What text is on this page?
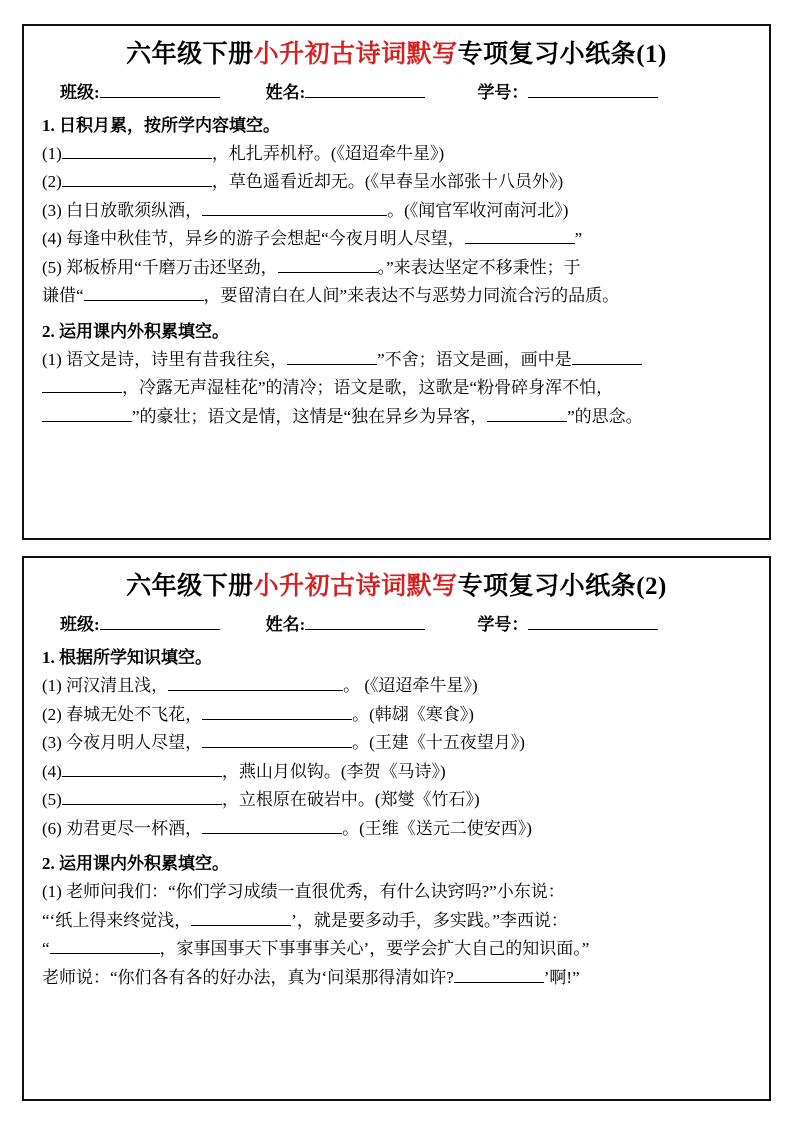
六年级下册小升初古诗词默写专项复习小纸条(1)
班级:
	姓名:
	学号：
1. 日积月累，按所学内容填空。
(1)	，札扎弄机杼。(《迢迢牵牛星》)
(2)	，草色遥看近却无。(《早春呈水部张十八员外》)
(3) 白日放歌须纵酒，	。(《闻官军收河南河北》)
(4) 每逢中秋佳节，异乡的游子会想起“今夜月明人尽望，	”
(5) 郑板桥用“千磨万击还坚劲，	。”来表达坚定不移秉性；于
谦借“	，要留清白在人间”来表达不与恶势力同流合污的品质。
2. 运用课内外积累填空。
(1) 语文是诗，诗里有昔我往矣，	”不舍；语文是画，画中是
，冷露无声湿桂花”的清冷；语文是歌，这歌是“粉骨碎身浑不怕，
”的豪壮；语文是情，这情是“独在异乡为异客，	”的思念。
六年级下册小升初古诗词默写专项复习小纸条(2)
班级:
	姓名:
	学号：
1. 根据所学知识填空。
(1) 河汉清且浅，	。 (《迢迢牵牛星》)
(2) 春城无处不飞花，	。(韩翃《寒食》)
(3) 今夜月明人尽望，	。(王建《十五夜望月》)
(4)	，燕山月似钩。(李贺《马诗》)
(5)	，立根原在破岩中。(郑燮《竹石》)
(6) 劝君更尽一杯酒，	。(王维《送元二使安西》)
2. 运用课内外积累填空。
(1) 老师问我们：“你们学习成绩一直很优秀，有什么诀窍吗?”小东说：
“‘纸上得来终觉浅，	’，就是要多动手，多实践。”李西说：
“	，家事国事天下事事事关心’，要学会扩大自己的知识面。”
老师说：“你们各有各的好办法，真为‘问渠那得清如许?	’啊!”
